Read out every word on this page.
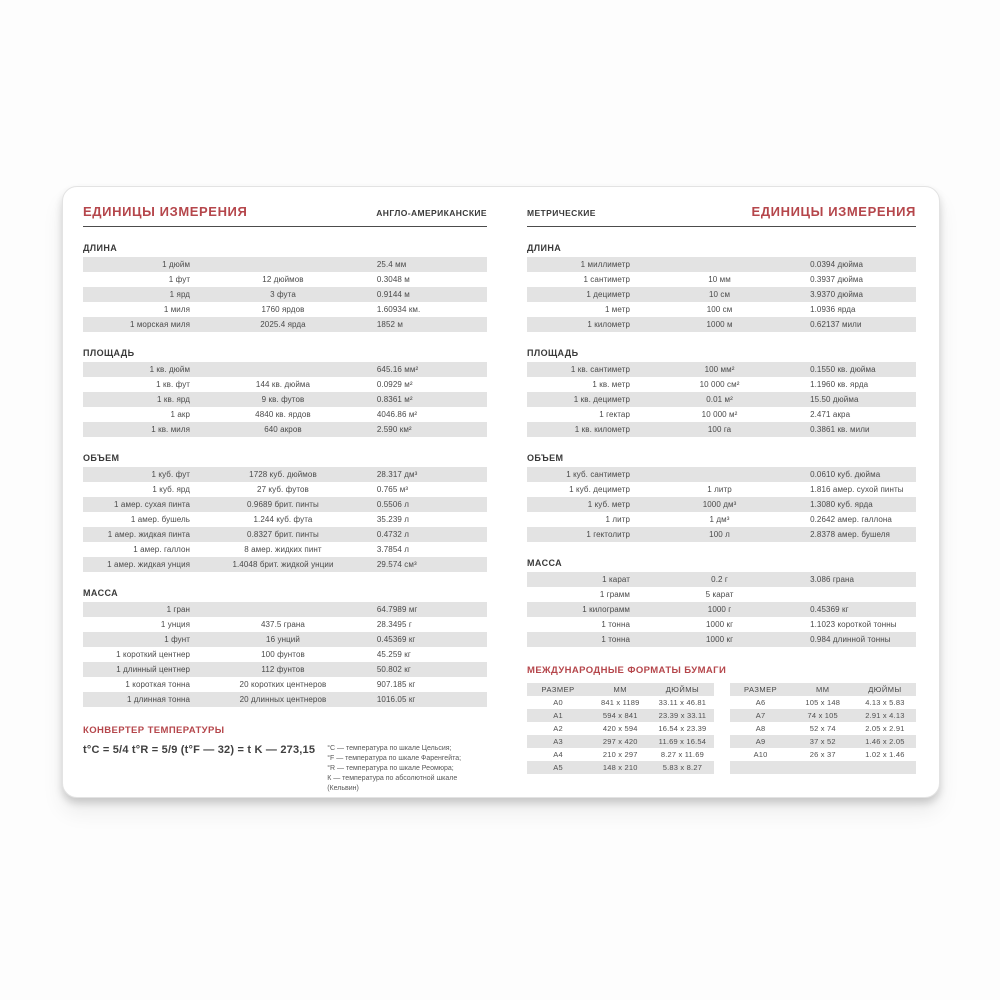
ЕДИНИЦЫ ИЗМЕРЕНИЯ	АНГЛО-АМЕРИКАНСКИЕ
ДЛИНА
1 дюйм		25.4 мм
1 фут	12 дюймов	0.3048 м
1 ярд	3 фута	0.9144 м
1 миля	1760 ярдов	1.60934 км.
1 морская миля	2025.4 ярда	1852 м
ПЛОЩАДЬ
1 кв. дюйм		645.16 мм²
1 кв. фут	144 кв. дюйма	0.0929 м²
1 кв. ярд	9 кв. футов	0.8361 м²
1 акр	4840 кв. ярдов	4046.86 м²
1 кв. миля	640 акров	2.590 км²
ОБЪЕМ
1 куб. фут	1728 куб. дюймов	28.317 дм³
1 куб. ярд	27 куб. футов	0.765 м³
1 амер. сухая пинта	0.9689 брит. пинты	0.5506 л
1 амер. бушель	1.244 куб. фута	35.239 л
1 амер. жидкая пинта	0.8327 брит. пинты	0.4732 л
1 амер. галлон	8 амер. жидких пинт	3.7854 л
1 амер. жидкая унция	1.4048 брит. жидкой унции	29.574 см³
МАССА
1 гран		64.7989 мг
1 унция	437.5 грана	28.3495 г
1 фунт	16 унций	0.45369 кг
1 короткий центнер	100 фунтов	45.259 кг
1 длинный центнер	112 фунтов	50.802 кг
1 короткая тонна	20 коротких центнеров	907.185 кг
1 длинная тонна	20 длинных центнеров	1016.05 кг
КОНВЕРТЕР ТЕМПЕРАТУРЫ
t°C = 5/4 t°R = 5/9 (t°F — 32) = t K — 273,15 °C — температура по шкале Цельсия;
°F — температура по шкале Фаренгейта;
°R — температура по шкале Реомюра;
К — температура по абсолютной шкале (Кельвин)
МЕТРИЧЕСКИЕ	ЕДИНИЦЫ ИЗМЕРЕНИЯ
ДЛИНА
1 миллиметр		0.0394 дюйма
1 сантиметр	10 мм	0.3937 дюйма
1 дециметр	10 см	3.9370 дюйма
1 метр	100 см	1.0936 ярда
1 километр	1000 м	0.62137 мили
ПЛОЩАДЬ
1 кв. сантиметр	100 мм²	0.1550 кв. дюйма
1 кв. метр	10 000 см²	1.1960 кв. ярда
1 кв. дециметр	0.01 м²	15.50 дюйма
1 гектар	10 000 м²	2.471 акра
1 кв. километр	100 га	0.3861 кв. мили
ОБЪЕМ
1 куб. сантиметр		0.0610 куб. дюйма
1 куб. дециметр	1 литр	1.816 амер. сухой пинты
1 куб. метр	1000 дм³	1.3080 куб. ярда
1 литр	1 дм³	0.2642 амер. галлона
1 гектолитр	100 л	2.8378 амер. бушеля
МАССА
1 карат	0.2 г	3.086 грана
1 грамм	5 карат	
1 килограмм	1000 г	0.45369 кг
1 тонна	1000 кг	1.1023 короткой тонны
1 тонна	1000 кг	0.984 длинной тонны
МЕЖДУНАРОДНЫЕ ФОРМАТЫ БУМАГИ
РАЗМЕР	ММ	ДЮЙМЫ
A0	841 x 1189	33.11 x 46.81
A1	594 x 841	23.39 x 33.11
A2	420 x 594	16.54 x 23.39
A3	297 x 420	11.69 x 16.54
A4	210 x 297	8.27 x 11.69
A5	148 x 210	5.83 x 8.27
РАЗМЕР	ММ	ДЮЙМЫ
A6	105 x 148	4.13 x 5.83
A7	74 x 105	2.91 x 4.13
A8	52 x 74	2.05 x 2.91
A9	37 x 52	1.46 x 2.05
A10	26 x 37	1.02 x 1.46
